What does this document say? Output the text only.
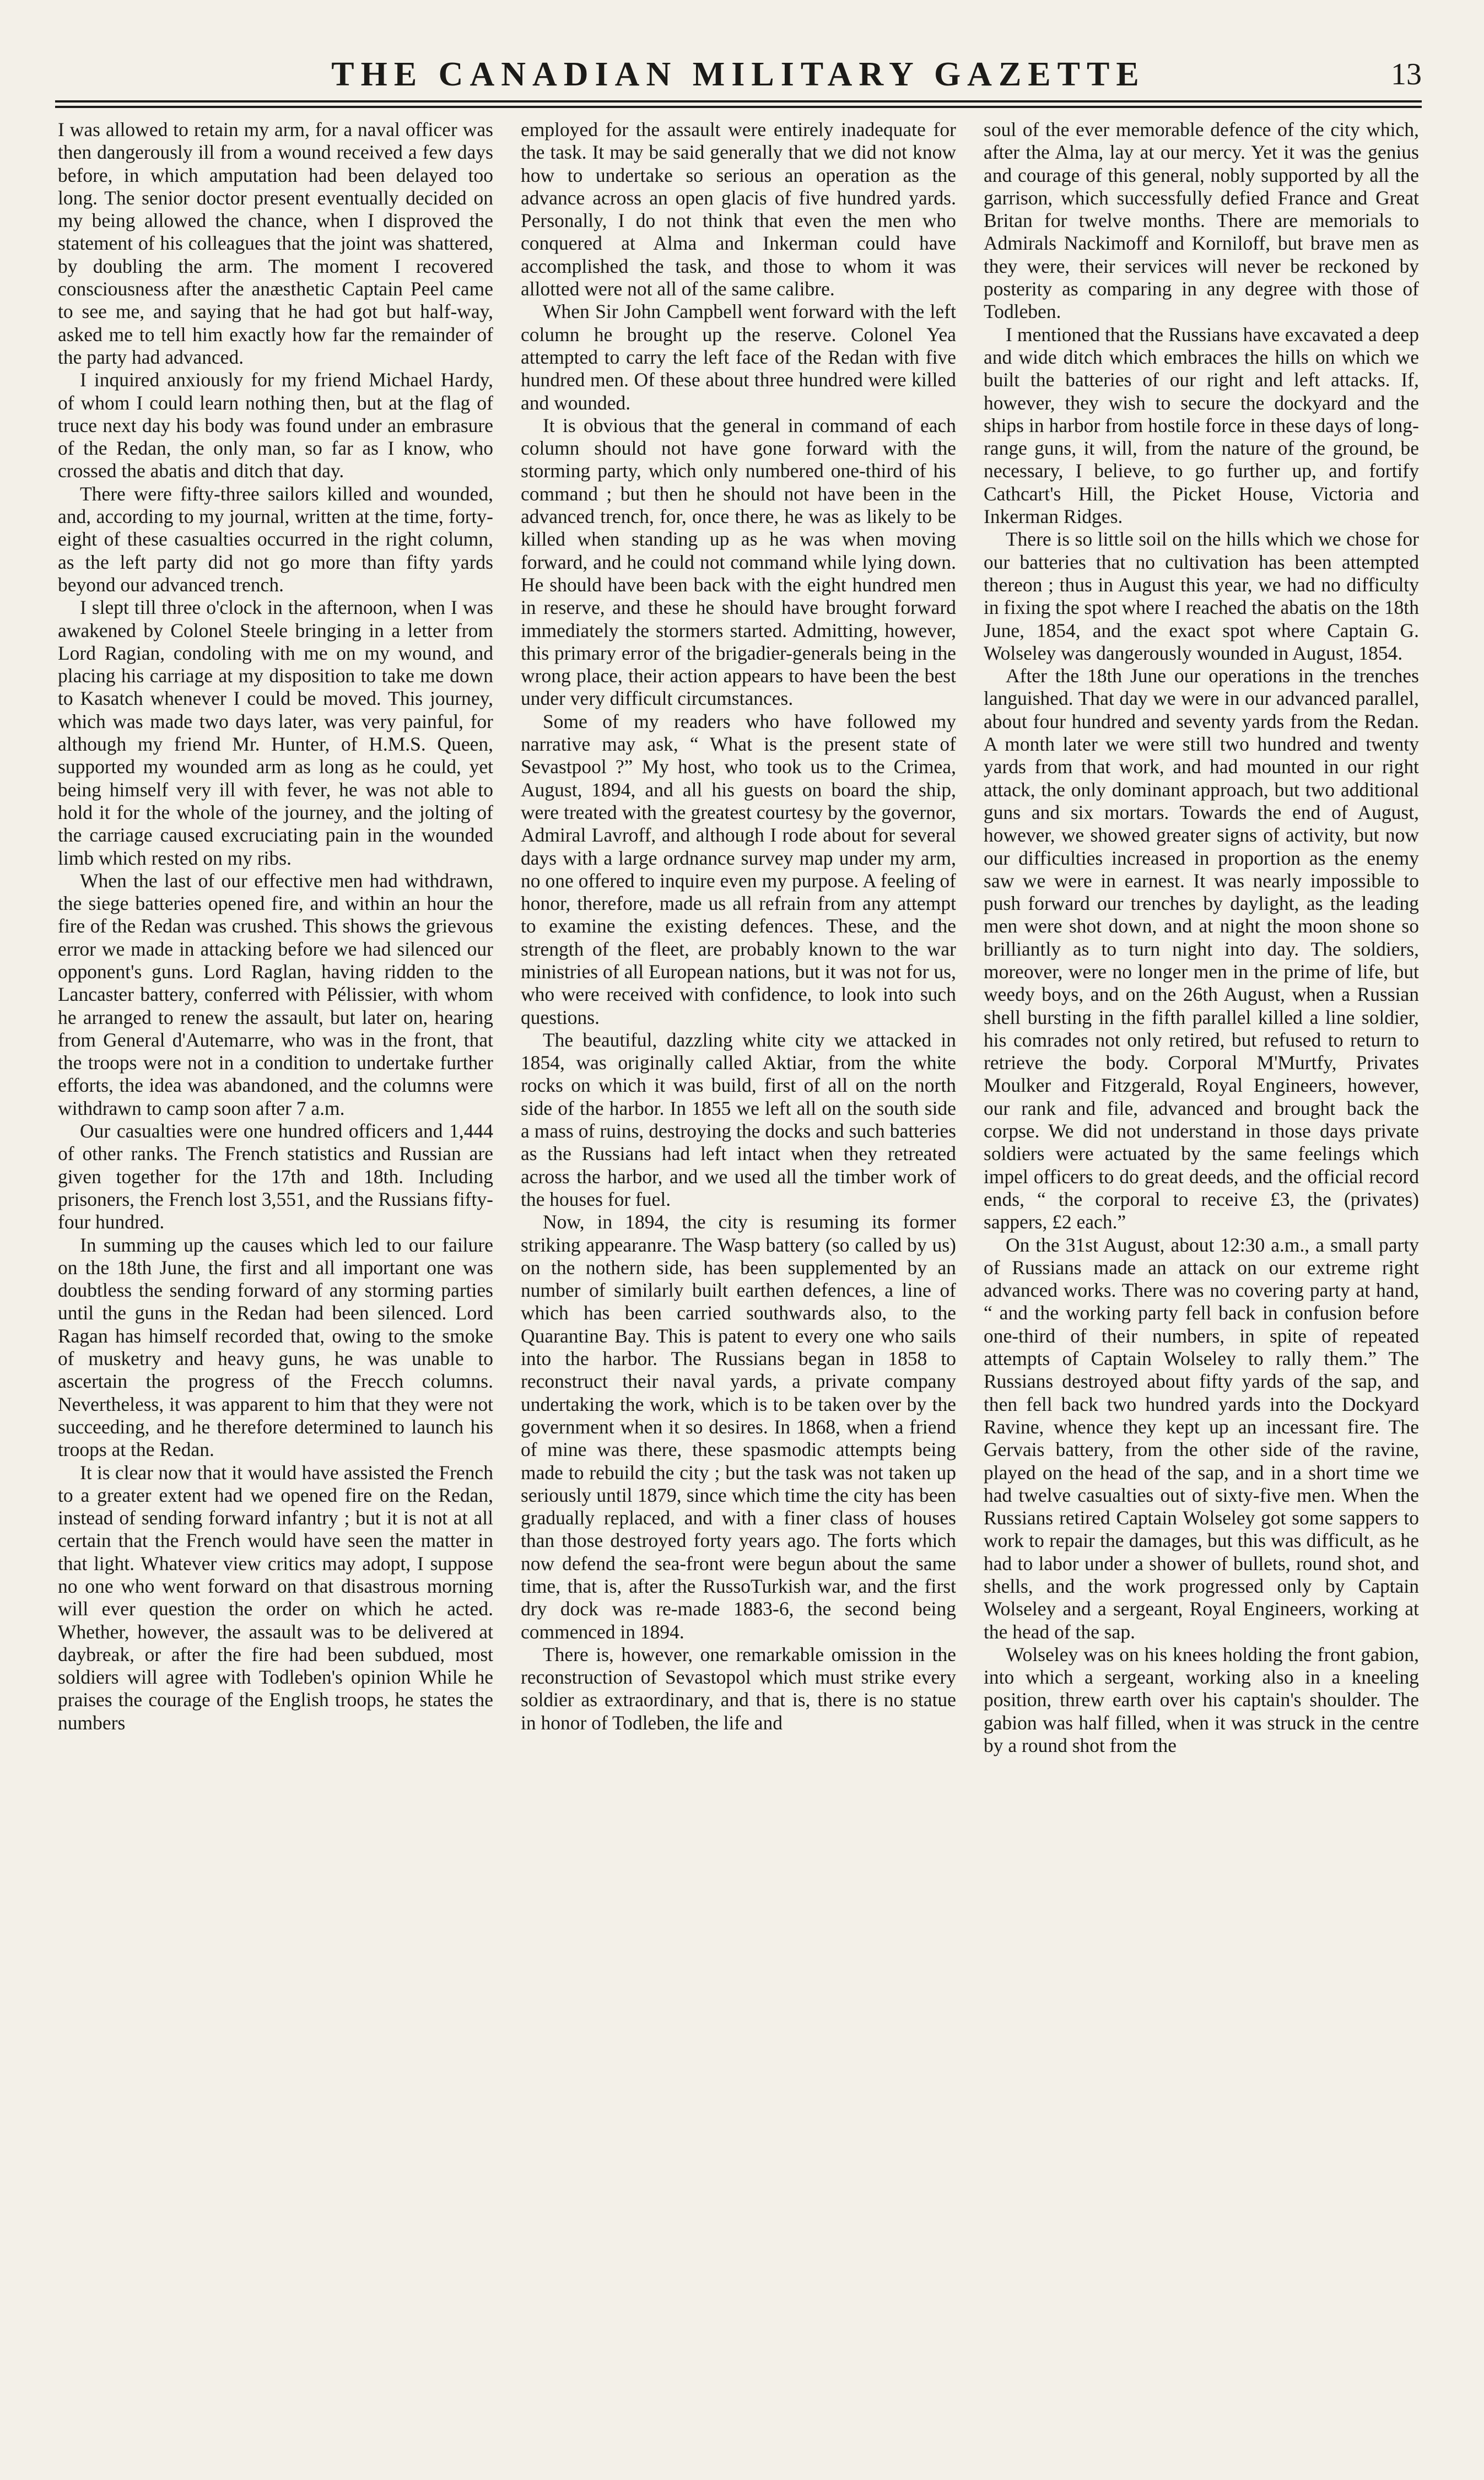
THE CANADIAN MILITARY GAZETTE	13

I was allowed to retain my arm, for a naval officer was then dangerously ill from a wound received a few days before, in which amputation had been delayed too long. The senior doctor present eventually decided on my being allowed the chance, when I disproved the statement of his colleagues that the joint was shattered, by doubling the arm. The moment I recovered consciousness after the anæsthetic Captain Peel came to see me, and saying that he had got but half-way, asked me to tell him exactly how far the remainder of the party had advanced.

I inquired anxiously for my friend Michael Hardy, of whom I could learn nothing then, but at the flag of truce next day his body was found under an embrasure of the Redan, the only man, so far as I know, who crossed the abatis and ditch that day.

There were fifty-three sailors killed and wounded, and, according to my journal, written at the time, forty-eight of these casualties occurred in the right column, as the left party did not go more than fifty yards beyond our advanced trench.

I slept till three o'clock in the afternoon, when I was awakened by Colonel Steele bringing in a letter from Lord Ragian, condoling with me on my wound, and placing his carriage at my disposition to take me down to Kasatch whenever I could be moved. This journey, which was made two days later, was very painful, for although my friend Mr. Hunter, of H.M.S. Queen, supported my wounded arm as long as he could, yet being himself very ill with fever, he was not able to hold it for the whole of the journey, and the jolting of the carriage caused excruciating pain in the wounded limb which rested on my ribs.

When the last of our effective men had withdrawn, the siege batteries opened fire, and within an hour the fire of the Redan was crushed. This shows the grievous error we made in attacking before we had silenced our opponent's guns. Lord Raglan, having ridden to the Lancaster battery, conferred with Pélissier, with whom he arranged to renew the assault, but later on, hearing from General d'Autemarre, who was in the front, that the troops were not in a condition to undertake further efforts, the idea was abandoned, and the columns were withdrawn to camp soon after 7 a.m.

Our casualties were one hundred officers and 1,444 of other ranks. The French statistics and Russian are given together for the 17th and 18th. Including prisoners, the French lost 3,551, and the Russians fifty-four hundred.

In summing up the causes which led to our failure on the 18th June, the first and all important one was doubtless the sending forward of any storming parties until the guns in the Redan had been silenced. Lord Ragan has himself recorded that, owing to the smoke of musketry and heavy guns, he was unable to ascertain the progress of the Frecch columns. Nevertheless, it was apparent to him that they were not succeeding, and he therefore determined to launch his troops at the Redan.

It is clear now that it would have assisted the French to a greater extent had we opened fire on the Redan, instead of sending forward infantry ; but it is not at all certain that the French would have seen the matter in that light. Whatever view critics may adopt, I suppose no one who went forward on that disastrous morning will ever question the order on which he acted. Whether, however, the assault was to be delivered at daybreak, or after the fire had been subdued, most soldiers will agree with Todleben's opinion While he praises the courage of the English troops, he states the numbers

employed for the assault were entirely inadequate for the task. It may be said generally that we did not know how to undertake so serious an operation as the advance across an open glacis of five hundred yards. Personally, I do not think that even the men who conquered at Alma and Inkerman could have accomplished the task, and those to whom it was allotted were not all of the same calibre.

When Sir John Campbell went forward with the left column he brought up the reserve. Colonel Yea attempted to carry the left face of the Redan with five hundred men. Of these about three hundred were killed and wounded.

It is obvious that the general in command of each column should not have gone forward with the storming party, which only numbered one-third of his command ; but then he should not have been in the advanced trench, for, once there, he was as likely to be killed when standing up as he was when moving forward, and he could not command while lying down. He should have been back with the eight hundred men in reserve, and these he should have brought forward immediately the stormers started. Admitting, however, this primary error of the brigadier-generals being in the wrong place, their action appears to have been the best under very difficult circumstances.

Some of my readers who have followed my narrative may ask, “ What is the present state of Sevastpool ?” My host, who took us to the Crimea, August, 1894, and all his guests on board the ship, were treated with the greatest courtesy by the governor, Admiral Lavroff, and although I rode about for several days with a large ordnance survey map under my arm, no one offered to inquire even my purpose. A feeling of honor, therefore, made us all refrain from any attempt to examine the existing defences. These, and the strength of the fleet, are probably known to the war ministries of all European nations, but it was not for us, who were received with confidence, to look into such questions.

The beautiful, dazzling white city we attacked in 1854, was originally called Aktiar, from the white rocks on which it was build, first of all on the north side of the harbor. In 1855 we left all on the south side a mass of ruins, destroying the docks and such batteries as the Russians had left intact when they retreated across the harbor, and we used all the timber work of the houses for fuel.

Now, in 1894, the city is resuming its former striking appearanre. The Wasp battery (so called by us) on the nothern side, has been supplemented by an number of similarly built earthen defences, a line of which has been carried southwards also, to the Quarantine Bay. This is patent to every one who sails into the harbor. The Russians began in 1858 to reconstruct their naval yards, a private company undertaking the work, which is to be taken over by the government when it so desires. In 1868, when a friend of mine was there, these spasmodic attempts being made to rebuild the city ; but the task was not taken up seriously until 1879, since which time the city has been gradually replaced, and with a finer class of houses than those destroyed forty years ago. The forts which now defend the sea-front were begun about the same time, that is, after the RussoTurkish war, and the first dry dock was re-made 1883-6, the second being commenced in 1894.

There is, however, one remarkable omission in the reconstruction of Sevastopol which must strike every soldier as extraordinary, and that is, there is no statue in honor of Todleben, the life and

soul of the ever memorable defence of the city which, after the Alma, lay at our mercy. Yet it was the genius and courage of this general, nobly supported by all the garrison, which successfully defied France and Great Britan for twelve months. There are memorials to Admirals Nackimoff and Korniloff, but brave men as they were, their services will never be reckoned by posterity as comparing in any degree with those of Todleben.

I mentioned that the Russians have excavated a deep and wide ditch which embraces the hills on which we built the batteries of our right and left attacks. If, however, they wish to secure the dockyard and the ships in harbor from hostile force in these days of long-range guns, it will, from the nature of the ground, be necessary, I believe, to go further up, and fortify Cathcart's Hill, the Picket House, Victoria and Inkerman Ridges.

There is so little soil on the hills which we chose for our batteries that no cultivation has been attempted thereon ; thus in August this year, we had no difficulty in fixing the spot where I reached the abatis on the 18th June, 1854, and the exact spot where Captain G. Wolseley was dangerously wounded in August, 1854.

After the 18th June our operations in the trenches languished. That day we were in our advanced parallel, about four hundred and seventy yards from the Redan. A month later we were still two hundred and twenty yards from that work, and had mounted in our right attack, the only dominant approach, but two additional guns and six mortars. Towards the end of August, however, we showed greater signs of activity, but now our difficulties increased in proportion as the enemy saw we were in earnest. It was nearly impossible to push forward our trenches by daylight, as the leading men were shot down, and at night the moon shone so brilliantly as to turn night into day. The soldiers, moreover, were no longer men in the prime of life, but weedy boys, and on the 26th August, when a Russian shell bursting in the fifth parallel killed a line soldier, his comrades not only retired, but refused to return to retrieve the body. Corporal M'Murtfy, Privates Moulker and Fitzgerald, Royal Engineers, however, our rank and file, advanced and brought back the corpse. We did not understand in those days private soldiers were actuated by the same feelings which impel officers to do great deeds, and the official record ends, “ the corporal to receive £3, the (privates) sappers, £2 each.”

On the 31st August, about 12:30 a.m., a small party of Russians made an attack on our extreme right advanced works. There was no covering party at hand, “ and the working party fell back in confusion before one-third of their numbers, in spite of repeated attempts of Captain Wolseley to rally them.” The Russians destroyed about fifty yards of the sap, and then fell back two hundred yards into the Dockyard Ravine, whence they kept up an incessant fire. The Gervais battery, from the other side of the ravine, played on the head of the sap, and in a short time we had twelve casualties out of sixty-five men. When the Russians retired Captain Wolseley got some sappers to work to repair the damages, but this was difficult, as he had to labor under a shower of bullets, round shot, and shells, and the work progressed only by Captain Wolseley and a sergeant, Royal Engineers, working at the head of the sap.

Wolseley was on his knees holding the front gabion, into which a sergeant, working also in a kneeling position, threw earth over his captain's shoulder. The gabion was half filled, when it was struck in the centre by a round shot from the
